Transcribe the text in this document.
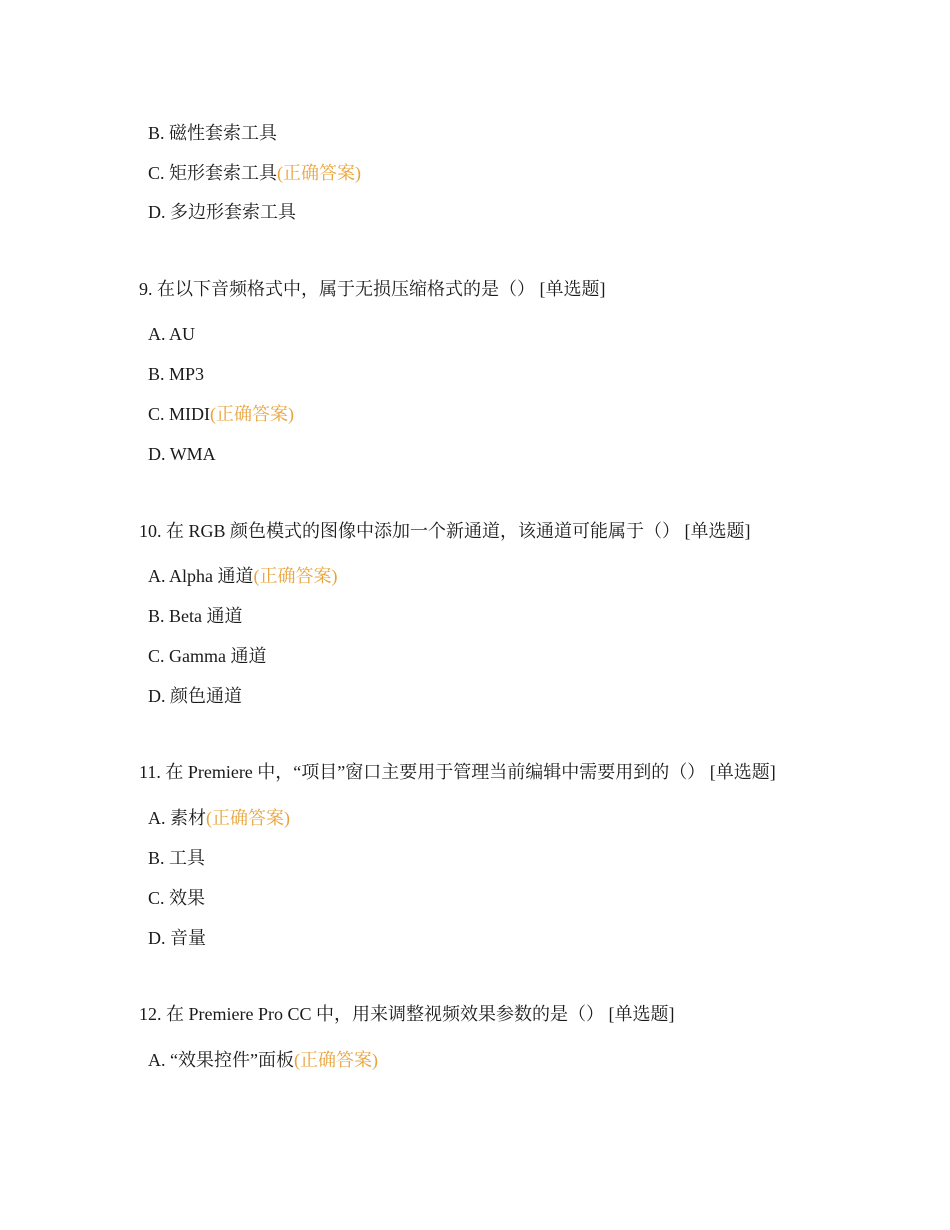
B. 磁性套索工具
C. 矩形套索工具(正确答案)
D. 多边形套索工具
9. 在以下音频格式中，属于无损压缩格式的是（） [单选题]
A. AU
B. MP3
C. MIDI(正确答案)
D. WMA
10. 在 RGB 颜色模式的图像中添加一个新通道，该通道可能属于（） [单选题]
A. Alpha 通道(正确答案)
B. Beta 通道
C. Gamma 通道
D. 颜色通道
11. 在 Premiere 中，“项目”窗口主要用于管理当前编辑中需要用到的（） [单选题]
A. 素材(正确答案)
B. 工具
C. 效果
D. 音量
12. 在 Premiere Pro CC 中，用来调整视频效果参数的是（） [单选题]
A. “效果控件”面板(正确答案)
